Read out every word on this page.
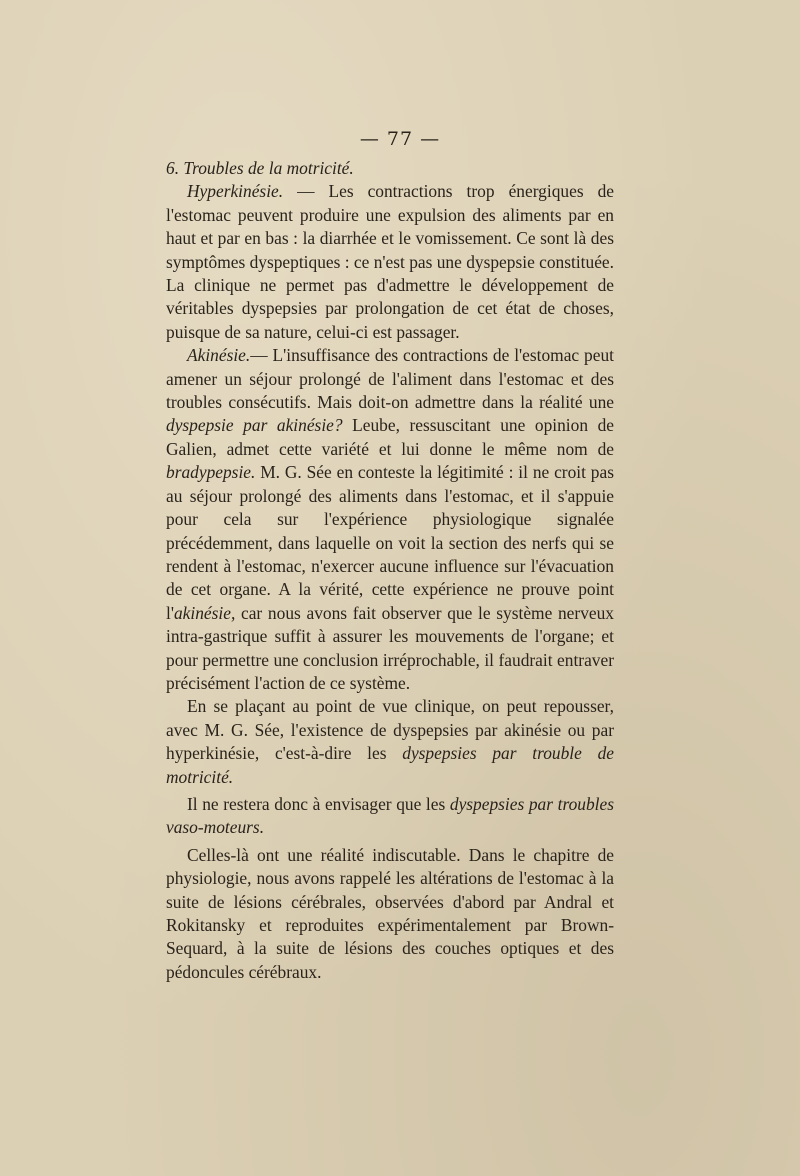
— 77 —

6. Troubles de la motricité.

Hyperkinésie. — Les contractions trop énergiques de l'estomac peuvent produire une expulsion des aliments par en haut et par en bas : la diarrhée et le vomissement. Ce sont là des symptômes dyspeptiques : ce n'est pas une dyspepsie constituée. La clinique ne permet pas d'admettre le développement de véritables dyspepsies par prolongation de cet état de choses, puisque de sa nature, celui-ci est passager.

Akinésie.— L'insuffisance des contractions de l'estomac peut amener un séjour prolongé de l'aliment dans l'estomac et des troubles consécutifs. Mais doit-on admettre dans la réalité une dyspepsie par akinésie? Leube, ressuscitant une opinion de Galien, admet cette variété et lui donne le même nom de bradypepsie. M. G. Sée en conteste la légitimité : il ne croit pas au séjour prolongé des aliments dans l'estomac, et il s'appuie pour cela sur l'expérience physiologique signalée précédemment, dans laquelle on voit la section des nerfs qui se rendent à l'estomac, n'exercer aucune influence sur l'évacuation de cet organe. A la vérité, cette expérience ne prouve point l'akinésie, car nous avons fait observer que le système nerveux intra-gastrique suffit à assurer les mouvements de l'organe; et pour permettre une conclusion irréprochable, il faudrait entraver précisément l'action de ce système.

En se plaçant au point de vue clinique, on peut repousser, avec M. G. Sée, l'existence de dyspepsies par akinésie ou par hyperkinésie, c'est-à-dire les dyspepsies par trouble de motricité.

Il ne restera donc à envisager que les dyspepsies par troubles vaso-moteurs.

Celles-là ont une réalité indiscutable. Dans le chapitre de physiologie, nous avons rappelé les altérations de l'estomac à la suite de lésions cérébrales, observées d'abord par Andral et Rokitansky et reproduites expérimentalement par Brown-Sequard, à la suite de lésions des couches optiques et des pédoncules cérébraux.
